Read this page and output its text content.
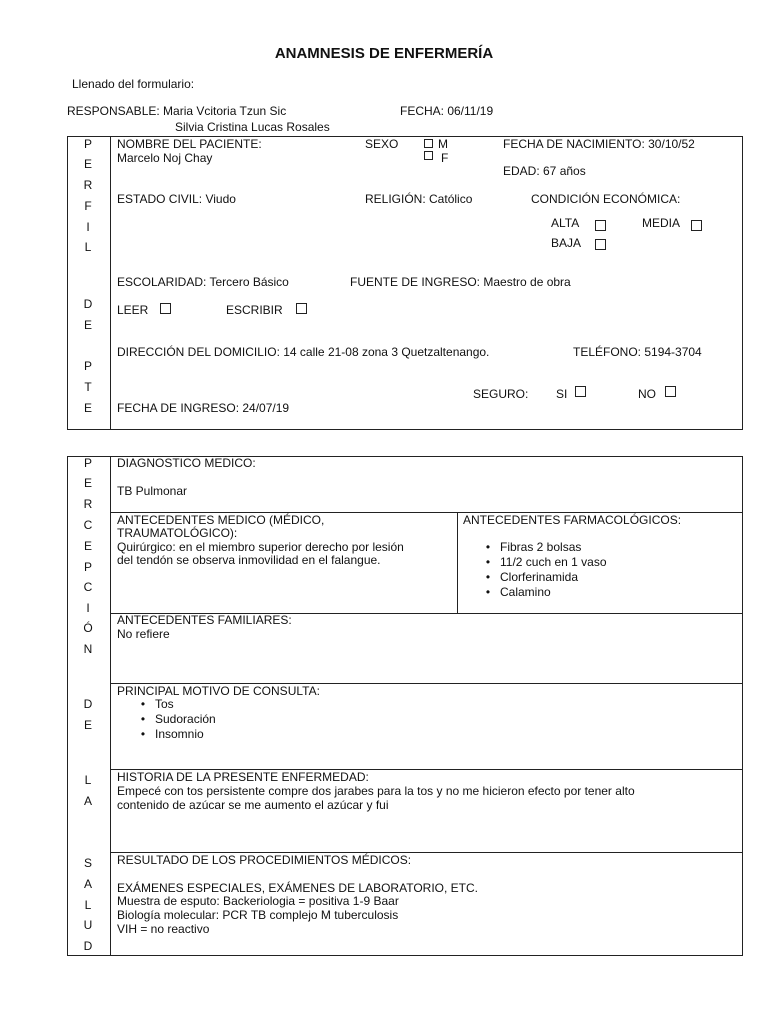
ANAMNESIS DE ENFERMERÍA
Llenado del formulario:
RESPONSABLE: Maria Vcitoria Tzun Sic
Silvia Cristina Lucas Rosales
FECHA: 06/11/19
P
E
R
F
I
L
D
E
P
T
E
NOMBRE DEL PACIENTE:
Marcelo Noj Chay
SEXO	M
F
FECHA DE NACIMIENTO: 30/10/52
EDAD: 67 años
ESTADO CIVIL: Viudo	RELIGIÓN: Católico	CONDICIÓN ECONÓMICA:
ALTA	MEDIA
BAJA
ESCOLARIDAD: Tercero Básico	FUENTE DE INGRESO: Maestro de obra
LEER	ESCRIBIR
DIRECCIÓN DEL DOMICILIO: 14 calle 21-08 zona 3 Quetzaltenango.	TELÉFONO: 5194-3704
SEGURO: SI	NO
FECHA DE INGRESO: 24/07/19
P
E
R
C
E
P
C
I
Ó
N
D
E
L
A
S
A
L
U
D
DIAGNOSTICO MEDICO:
TB Pulmonar
ANTECEDENTES MEDICO (MÉDICO,
TRAUMATOLÓGICO):
Quirúrgico: en el miembro superior derecho por lesión
del tendón se observa inmovilidad en el falangue.
ANTECEDENTES FARMACOLÓGICOS:
• Fibras 2 bolsas
• 11/2 cuch en 1 vaso
• Clorferinamida
• Calamino
ANTECEDENTES FAMILIARES:
No refiere
PRINCIPAL MOTIVO DE CONSULTA:
• Tos
• Sudoración
• Insomnio
HISTORIA DE LA PRESENTE ENFERMEDAD:
Empecé con tos persistente compre dos jarabes para la tos y no me hicieron efecto por tener alto
contenido de azúcar se me aumento el azúcar y fui
RESULTADO DE LOS PROCEDIMIENTOS MÉDICOS:
EXÁMENES ESPECIALES, EXÁMENES DE LABORATORIO, ETC.
Muestra de esputo: Backeriologia = positiva 1-9 Baar
Biología molecular: PCR TB complejo M tuberculosis
VIH = no reactivo
